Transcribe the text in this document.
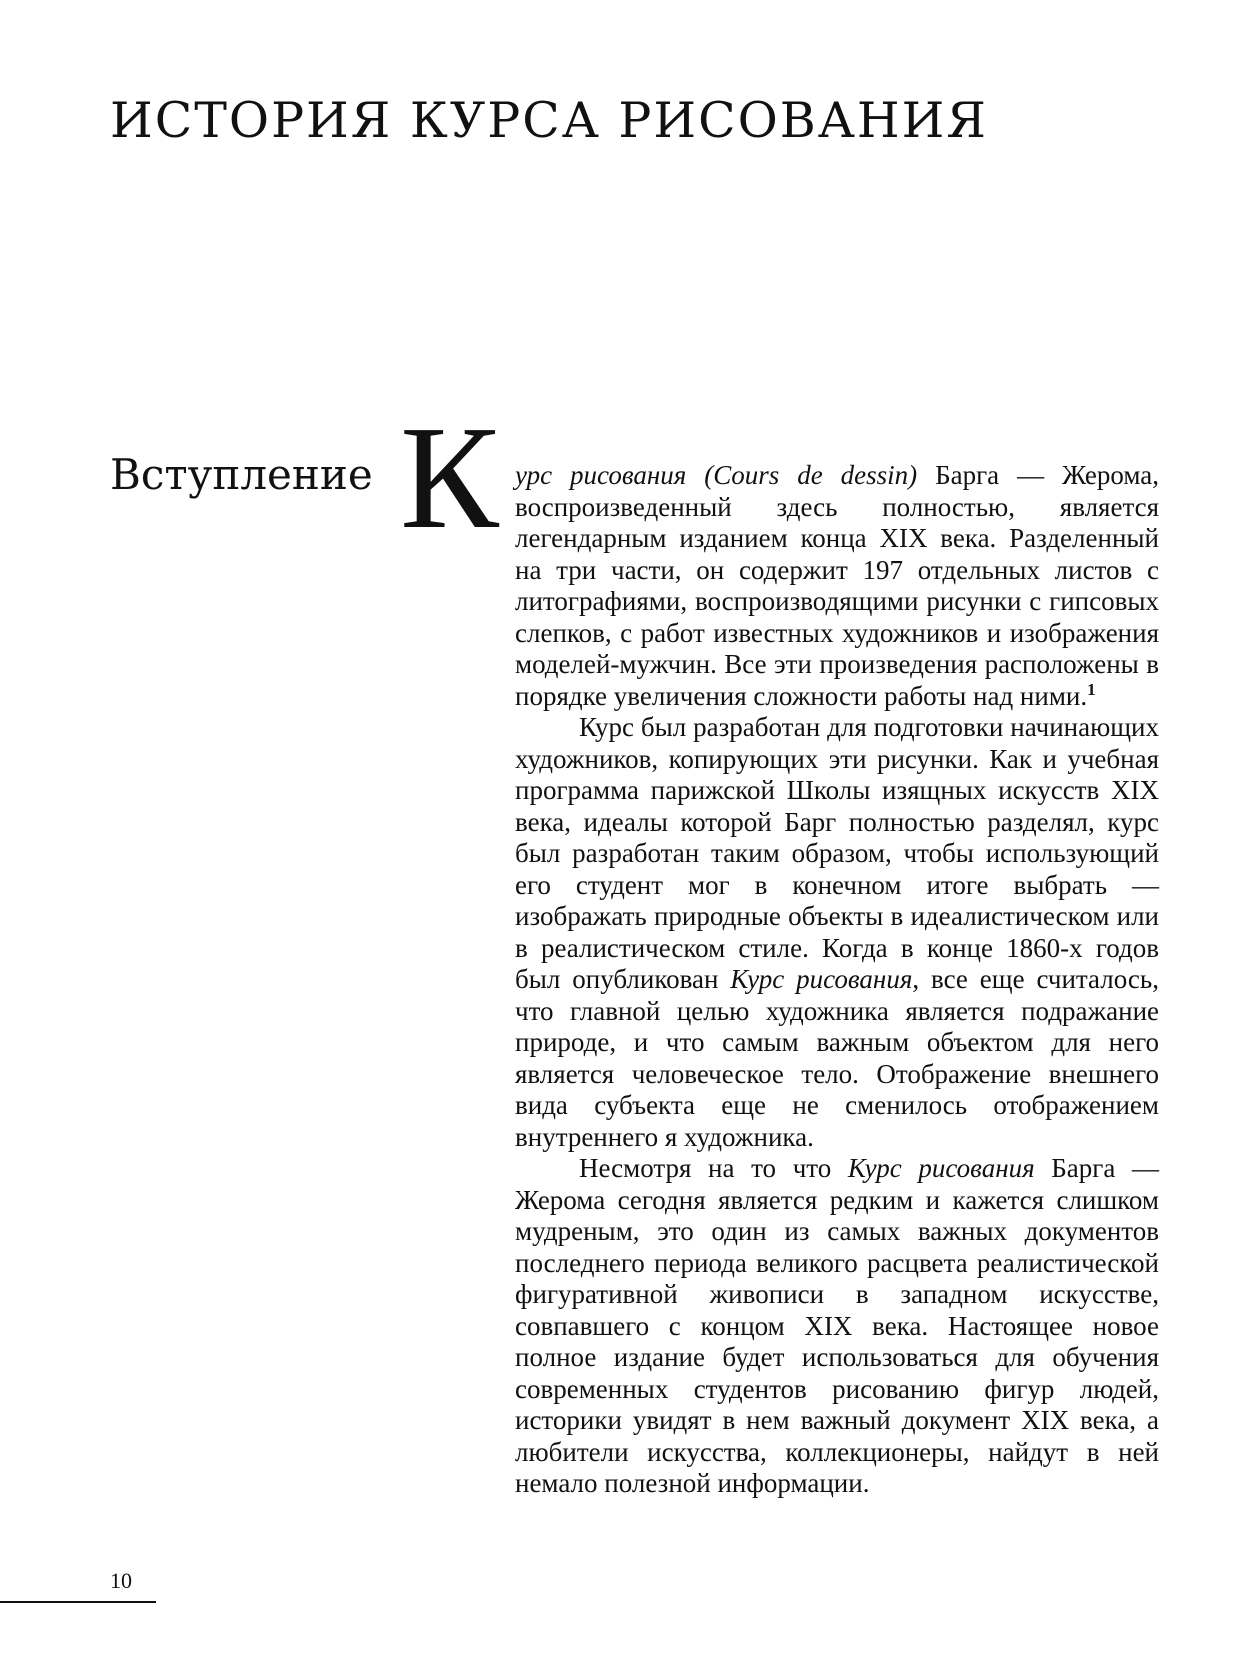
ИСТОРИЯ КУРСА РИСОВАНИЯ
Вступление К урс рисования (Cours de dessin) Барга — Жерома, воспроизведенный здесь полностью, является легендарным изданием конца XIX века. Разделенный на три части, он содержит 197 отдельных листов с литографиями, воспроизводящими рисунки с гипсовых слепков, с работ известных художников и изображения моделей-мужчин. Все эти произведения расположены в порядке увеличения сложности работы над ними.$^1$

Курс был разработан для подготовки начинающих художников, копирующих эти рисунки. Как и учебная программа парижской Школы изящных искусств XIX века, идеалы которой Барг полностью разделял, курс был разработан таким образом, чтобы использующий его студент мог в конечном итоге выбрать — изображать природные объекты в идеалистическом или в реалистическом стиле. Когда в конце 1860-х годов был опубликован Курс рисования, все еще считалось, что главной целью художника является подражание природе, и что самым важным объектом для него является человеческое тело. Отображение внешнего вида субъекта еще не сменилось отображением внутреннего я художника.

Несмотря на то что Курс рисования Барга — Жерома сегодня является редким и кажется слишком мудреным, это один из самых важных документов последнего периода великого расцвета реалистической фигуративной живописи в западном искусстве, совпавшего с концом XIX века. Настоящее новое полное издание будет использоваться для обучения современных студентов рисованию фигур людей, историки увидят в нем важный документ XIX века, а любители искусства, коллекционеры, найдут в ней немало полезной информации.

10
